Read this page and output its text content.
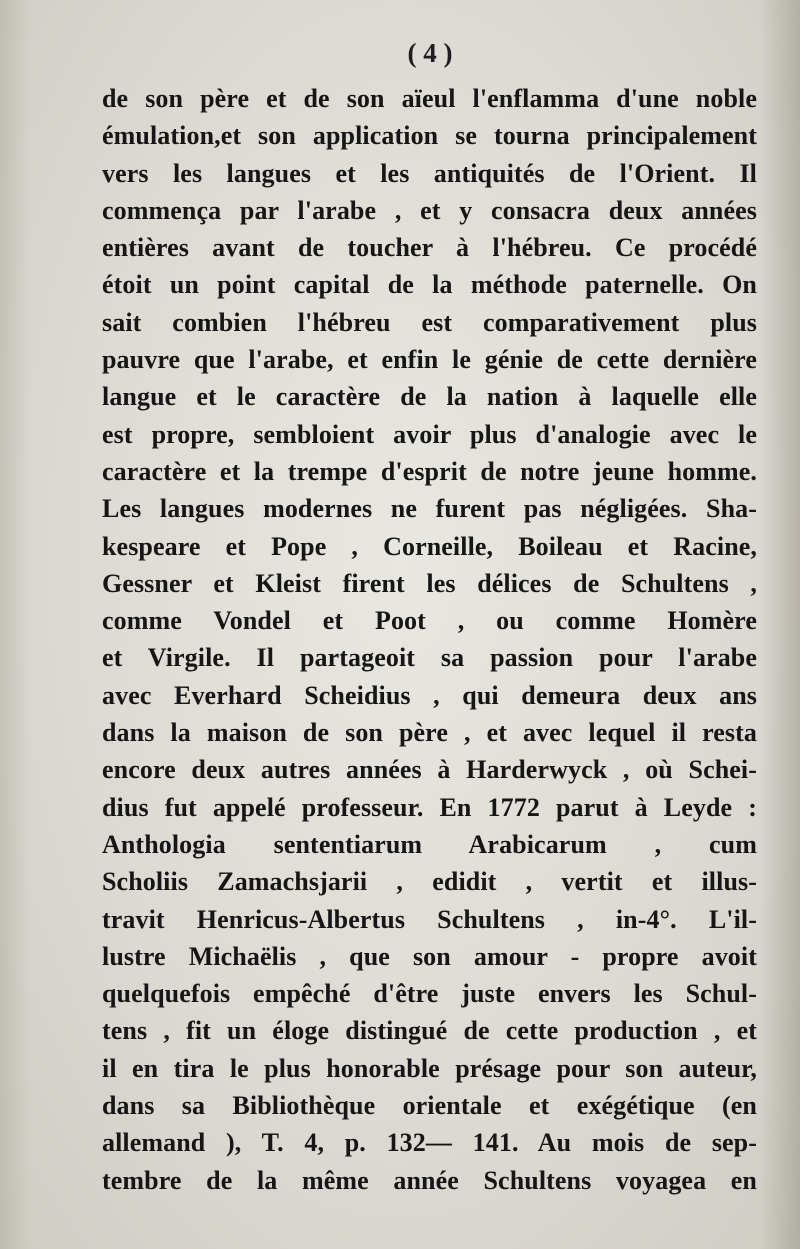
( 4 )
de son père et de son aïeul l'enflamma d'une noble
émulation,et son application se tourna principalement
vers les langues et les antiquités de l'Orient. Il
commença par l'arabe , et y consacra deux années
entières avant de toucher à l'hébreu. Ce procédé
étoit un point capital de la méthode paternelle. On
sait combien l'hébreu est comparativement plus
pauvre que l'arabe, et enfin le génie de cette dernière
langue et le caractère de la nation à laquelle elle
est propre, sembloient avoir plus d'analogie avec le
caractère et la trempe d'esprit de notre jeune homme.
Les langues modernes ne furent pas négligées. Sha-
kespeare et Pope , Corneille, Boileau et Racine,
Gessner et Kleist firent les délices de Schultens ,
comme Vondel et Poot , ou comme Homère
et Virgile. Il partageoit sa passion pour l'arabe
avec Everhard Scheidius , qui demeura deux ans
dans la maison de son père , et avec lequel il resta
encore deux autres années à Harderwyck , où Schei-
dius fut appelé professeur. En 1772 parut à Leyde :
Anthologia sententiarum Arabicarum , cum
Scholiis Zamachsjarii , edidit , vertit et illus-
travit Henricus-Albertus Schultens , in-4°. L'il-
lustre Michaëlis , que son amour - propre avoit
quelquefois empêché d'être juste envers les Schul-
tens , fit un éloge distingué de cette production , et
il en tira le plus honorable présage pour son auteur,
dans sa Bibliothèque orientale et exégétique (en
allemand ), T. 4, p. 132— 141. Au mois de sep-
tembre de la même année Schultens voyagea en
